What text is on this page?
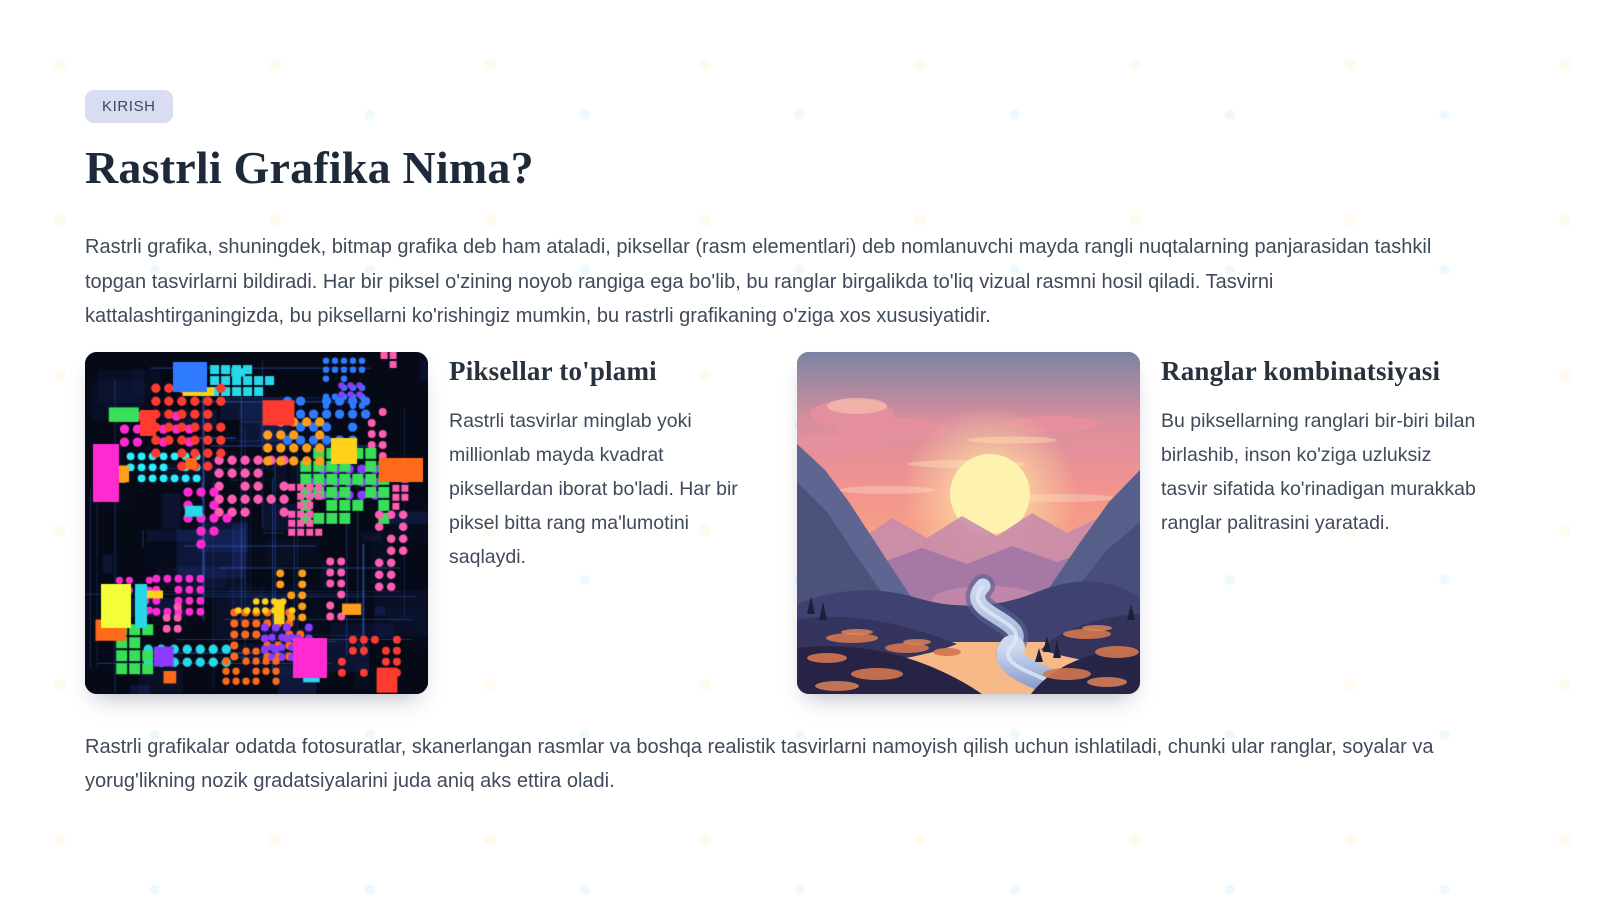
KIRISH
Rastrli Grafika Nima?

Rastrli grafika, shuningdek, bitmap grafika deb ham ataladi, piksellar (rasm elementlari) deb nomlanuvchi mayda rangli nuqtalarning panjarasidan tashkil topgan tasvirlarni bildiradi. Har bir piksel o'zining noyob rangiga ega bo'lib, bu ranglar birgalikda to'liq vizual rasmni hosil qiladi. Tasvirni kattalashtirganingizda, bu piksellarni ko'rishingiz mumkin, bu rastrli grafikaning o'ziga xos xususiyatidir.

Piksellar to'plami

Rastrli tasvirlar minglab yoki millionlab mayda kvadrat piksellardan iborat bo'ladi. Har bir piksel bitta rang ma'lumotini saqlaydi.

Ranglar kombinatsiyasi

Bu piksellarning ranglari bir-biri bilan birlashib, inson ko'ziga uzluksiz tasvir sifatida ko'rinadigan murakkab ranglar palitrasini yaratadi.

Rastrli grafikalar odatda fotosuratlar, skanerlangan rasmlar va boshqa realistik tasvirlarni namoyish qilish uchun ishlatiladi, chunki ular ranglar, soyalar va yorug'likning nozik gradatsiyalarini juda aniq aks ettira oladi.
